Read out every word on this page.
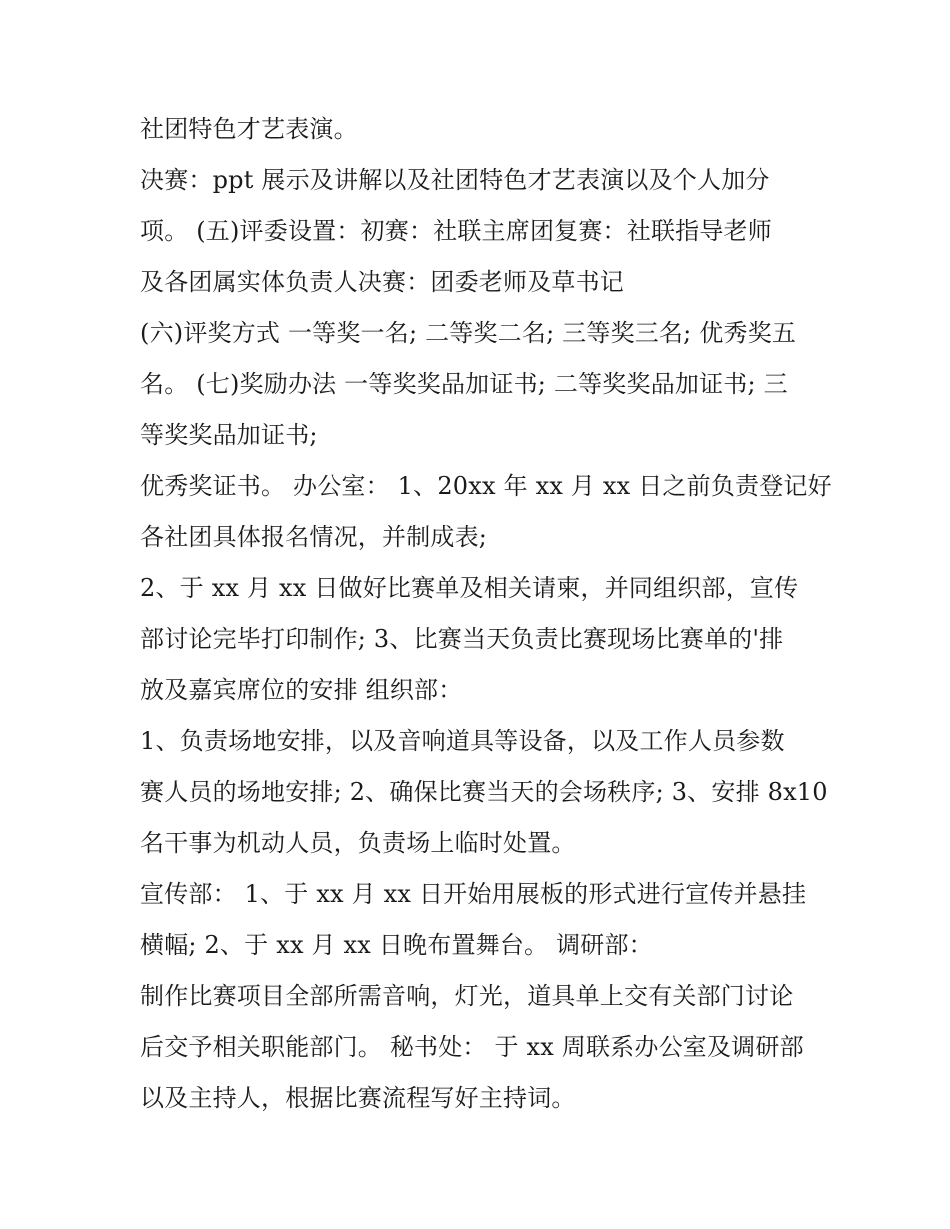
社团特色才艺表演。
决赛：ppt 展示及讲解以及社团特色才艺表演以及个人加分
项。 (五)评委设置：初赛：社联主席团复赛：社联指导老师
及各团属实体负责人决赛：团委老师及草书记
(六)评奖方式 一等奖一名; 二等奖二名; 三等奖三名; 优秀奖五
名。 (七)奖励办法 一等奖奖品加证书; 二等奖奖品加证书; 三
等奖奖品加证书;
优秀奖证书。 办公室： 1、20xx 年 xx 月 xx 日之前负责登记好
各社团具体报名情况，并制成表;
2、于 xx 月 xx 日做好比赛单及相关请柬，并同组织部，宣传
部讨论完毕打印制作; 3、比赛当天负责比赛现场比赛单的'排
放及嘉宾席位的安排 组织部：
1、负责场地安排，以及音响道具等设备，以及工作人员参数
赛人员的场地安排; 2、确保比赛当天的会场秩序; 3、安排 8x10
名干事为机动人员，负责场上临时处置。
宣传部： 1、于 xx 月 xx 日开始用展板的形式进行宣传并悬挂
横幅; 2、于 xx 月 xx 日晚布置舞台。 调研部：
制作比赛项目全部所需音响，灯光，道具单上交有关部门讨论
后交予相关职能部门。 秘书处： 于 xx 周联系办公室及调研部
以及主持人，根据比赛流程写好主持词。
